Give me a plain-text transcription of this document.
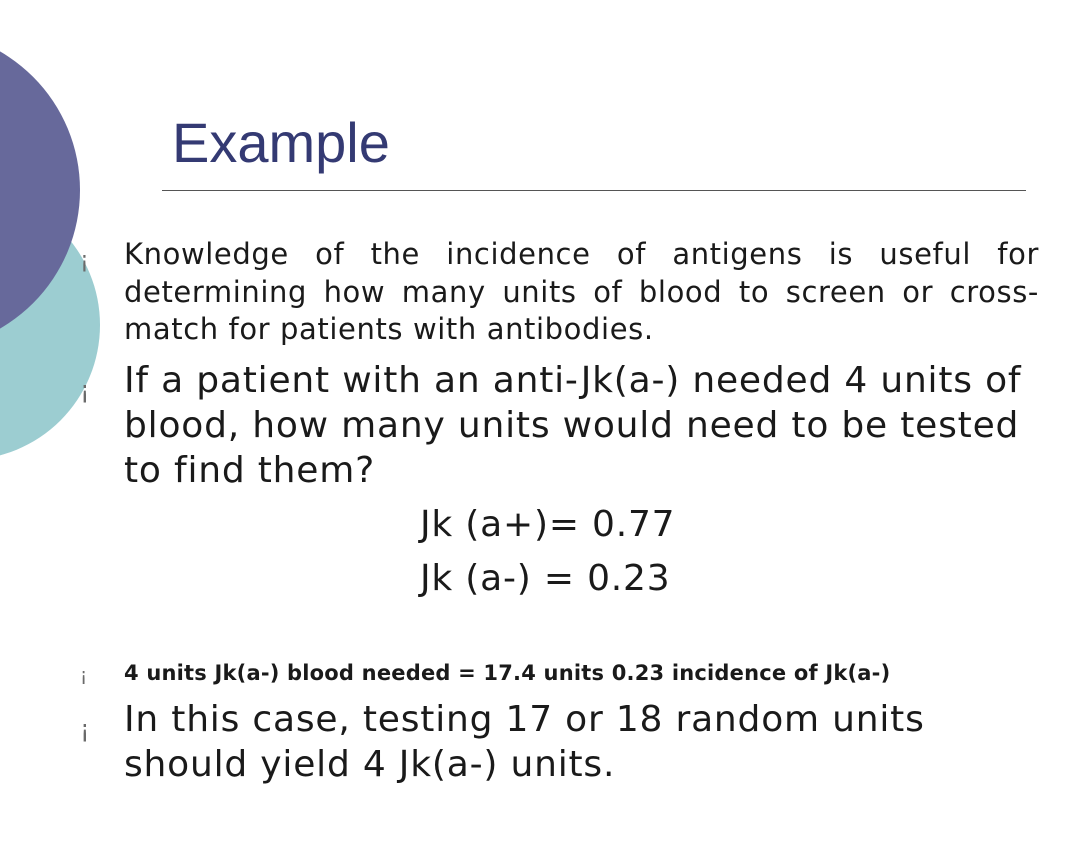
Example

¡ Knowledge of the incidence of antigens is useful for determining how many units of blood to screen or cross-match for patients with antibodies.

¡ If a patient with an anti-Jk(a-) needed 4 units of blood, how many units would need to be tested to find them?

Jk (a+)= 0.77

Jk (a-) = 0.23

¡ 4 units Jk(a-) blood needed = 17.4 units 0.23 incidence of Jk(a-)

¡ In this case, testing 17 or 18 random units should yield 4 Jk(a-) units.
